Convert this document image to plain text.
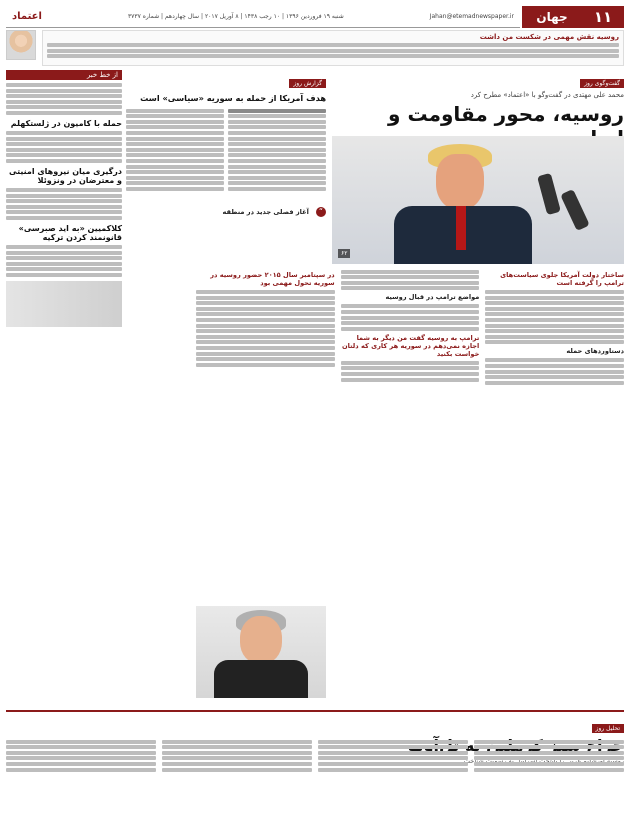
۱۱
جهان
Jahan@etemadnewspaper.ir
شنبه ۱۹ فروردین ۱۳۹۶ | ۱۰ رجب ۱۴۳۸ | ۸ آوریل ۲۰۱۷ | سال چهاردهم | شماره ۳۷۳۷
اعتماد
روسیه نقش مهمی در شکست من داشت
گفت‌وگوی روز
محمد علی مهتدی در گفت‌وگو با «اعتماد» مطرح کرد
روسیه، محور مقاومت و

۶۲
ساختار دولت آمریکا جلوی سیاست‌های ترامپ را گرفته است
دستاوردهای حمله
مواضع ترامپ در قبال روسیه
ترامپ به روسیه گفت من دیگر به شما اجازه نمی‌دهم در سوریه هر کاری که دلتان خواست بکنید
در سپتامبر سال ۲۰۱۵ حضور روسیه در سوریه تحول مهمی بود
گزارش روز
هدف آمریکا از حمله به سوریه «سیاسی» است
“ آغاز فصلی جدید در منطقه
از خط خبر
حمله با کامیون در ژلستکهلم
درگیری میان نیروهای امنیتی و معترضان در ونزوئلا
کلاکمیین «به اید صبرسی» قانونمند کردن ترکیه
تحلیل روز
به
شناخت
